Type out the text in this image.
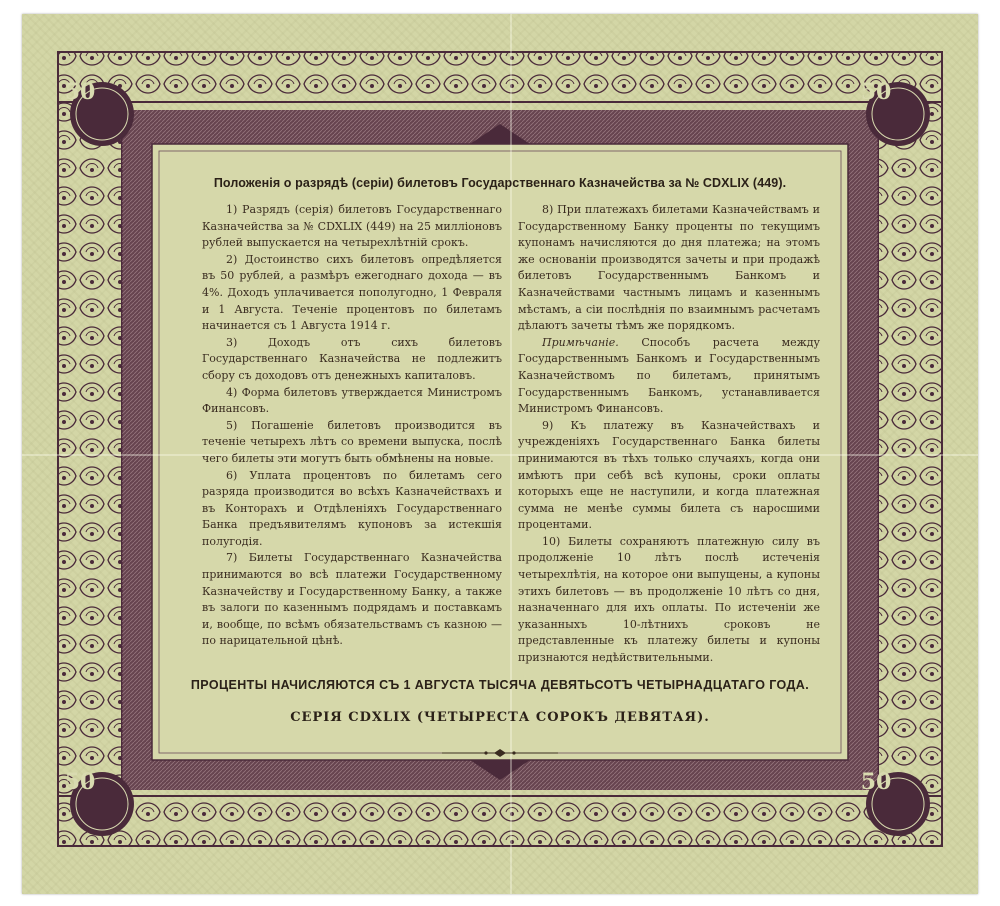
50	50
50	50
Положенія о разрядѣ (серіи) билетовъ Государственнаго Казначейства за № CDXLIX (449).

1) Разрядъ (серія) билетовъ Государственнаго Казначейства за № CDXLIX (449) на 25 милліоновъ рублей выпускается на четырехлѣтній срокъ.

2) Достоинство сихъ билетовъ опредѣляется въ 50 рублей, а размѣръ ежегоднаго дохода — въ 4%. Доходъ уплачивается пополугодно, 1 Февраля и 1 Августа. Теченіе процентовъ по билетамъ начинается съ 1 Августа 1914 г.

3) Доходъ отъ сихъ билетовъ Государственнаго Казначейства не подлежитъ сбору съ доходовъ отъ денежныхъ капиталовъ.

4) Форма билетовъ утверждается Министромъ Финансовъ.

5) Погашеніе билетовъ производится въ теченіе четырехъ лѣтъ со времени выпуска, послѣ чего билеты эти могутъ быть обмѣнены на новые.

6) Уплата процентовъ по билетамъ сего разряда производится во всѣхъ Казначействахъ и въ Конторахъ и Отдѣленіяхъ Государственнаго Банка предъявителямъ купоновъ за истекшія полугодія.

7) Билеты Государственнаго Казначейства принимаются во всѣ платежи Государственному Казначейству и Государственному Банку, а также въ залоги по казеннымъ подрядамъ и поставкамъ и, вообще, по всѣмъ обязательствамъ съ казною — по нарицательной цѣнѣ.

8) При платежахъ билетами Казначействамъ и Государственному Банку проценты по текущимъ купонамъ начисляются до дня платежа; на этомъ же основаніи производятся зачеты и при продажѣ билетовъ Государственнымъ Банкомъ и Казначействами частнымъ лицамъ и казеннымъ мѣстамъ, а сіи послѣднія по взаимнымъ расчетамъ дѣлаютъ зачеты тѣмъ же порядкомъ.

Примѣчаніе. Способъ расчета между Государственнымъ Банкомъ и Государственнымъ Казначействомъ по билетамъ, принятымъ Государственнымъ Банкомъ, устанавливается Министромъ Финансовъ.

9) Къ платежу въ Казначействахъ и учрежденіяхъ Государственнаго Банка билеты принимаются въ тѣхъ только случаяхъ, когда они имѣютъ при себѣ всѣ купоны, сроки оплаты которыхъ еще не наступили, и когда платежная сумма не менѣе суммы билета съ наросшими процентами.

10) Билеты сохраняютъ платежную силу въ продолженіе 10 лѣтъ послѣ истеченія четырехлѣтія, на которое они выпущены, а купоны этихъ билетовъ — въ продолженіе 10 лѣтъ со дня, назначеннаго для ихъ оплаты. По истеченіи же указанныхъ 10-лѣтнихъ сроковъ не представленные къ платежу билеты и купоны признаются недѣйствительными.

ПРОЦЕНТЫ НАЧИСЛЯЮТСЯ СЪ 1 АВГУСТА ТЫСЯЧА ДЕВЯТЬСОТЪ ЧЕТЫРНАДЦАТАГО ГОДА.
СЕРІЯ CDXLIX (ЧЕТЫРЕСТА СОРОКЪ ДЕВЯТАЯ).
